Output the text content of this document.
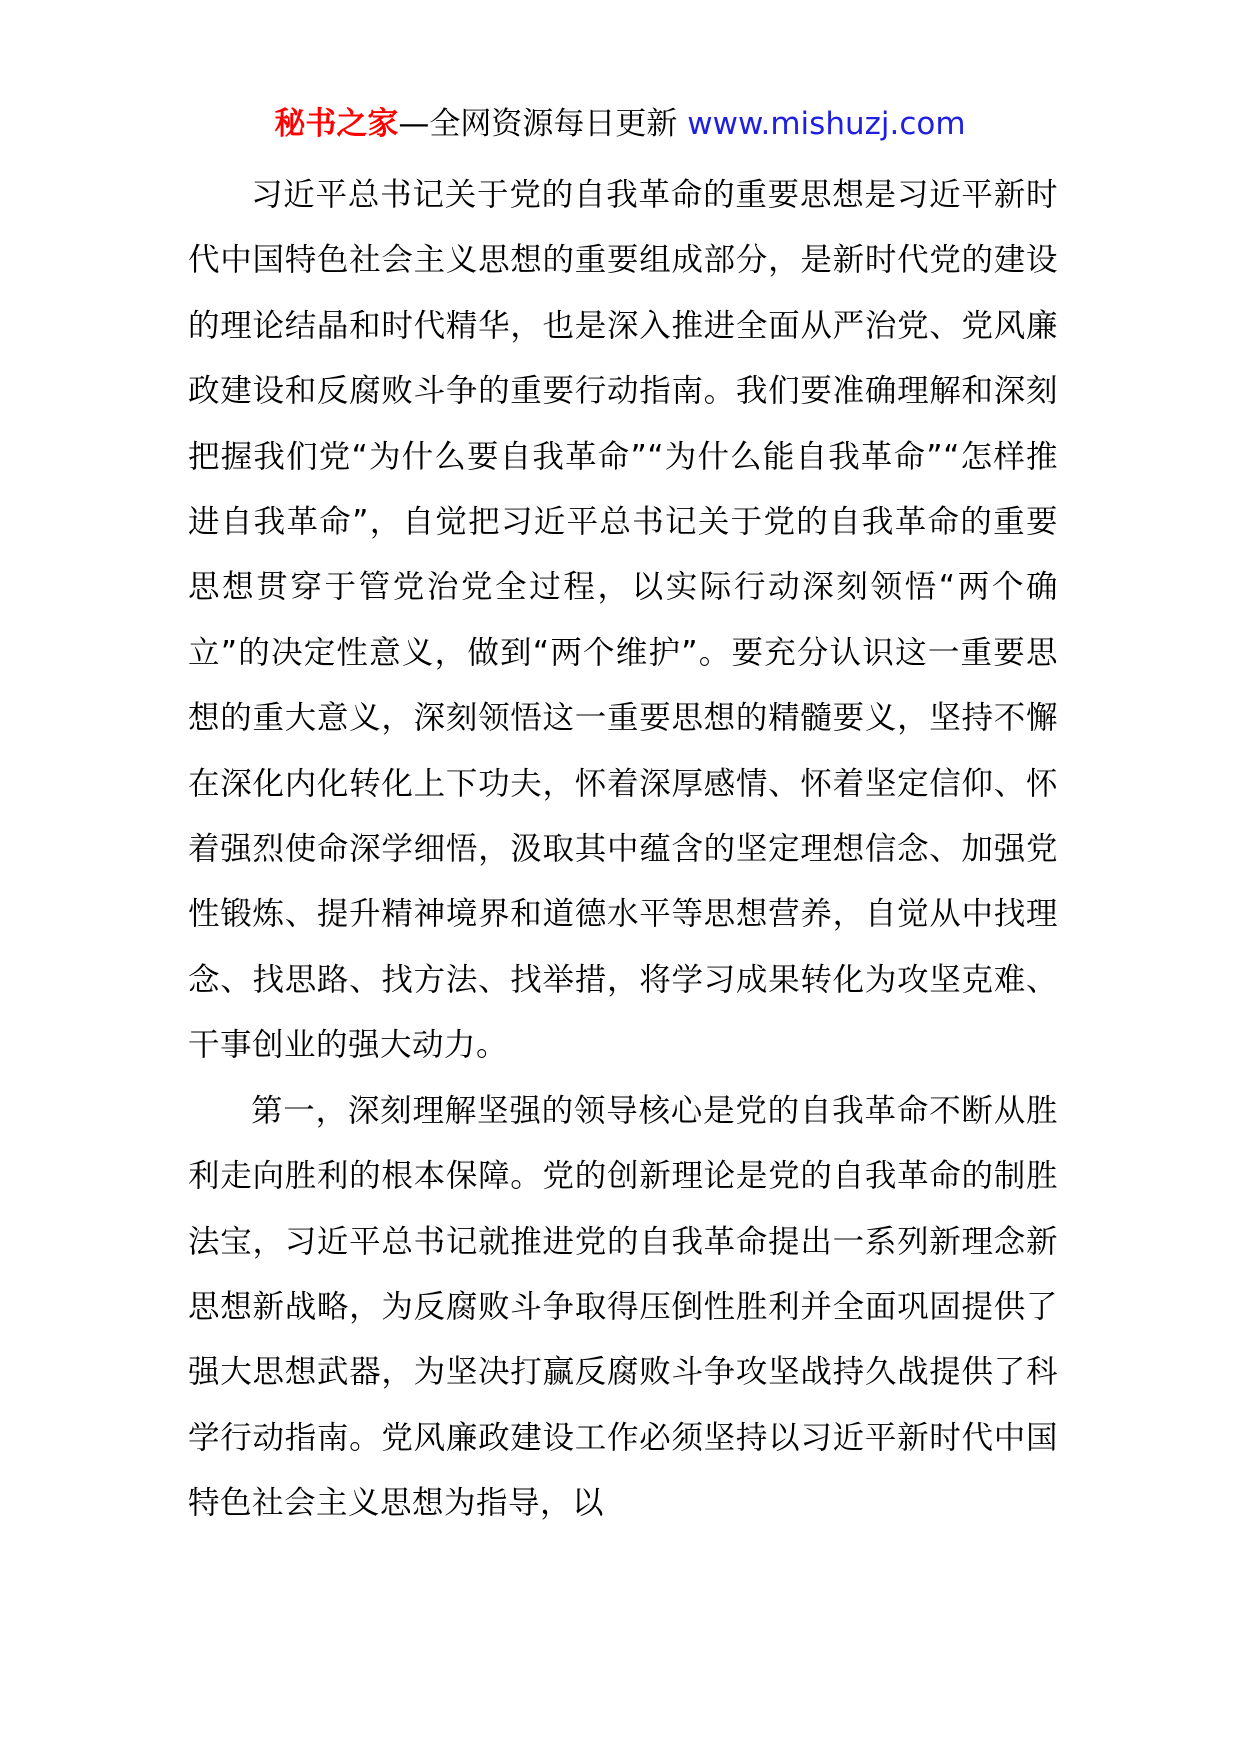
秘书之家—全网资源每日更新 www.mishuzj.com

习近平总书记关于党的自我革命的重要思想是习近平新时代中国特色社会主义思想的重要组成部分，是新时代党的建设的理论结晶和时代精华，也是深入推进全面从严治党、党风廉政建设和反腐败斗争的重要行动指南。我们要准确理解和深刻把握我们党“为什么要自我革命”“为什么能自我革命”“怎样推进自我革命”，自觉把习近平总书记关于党的自我革命的重要思想贯穿于管党治党全过程，以实际行动深刻领悟“两个确立”的决定性意义，做到“两个维护”。要充分认识这一重要思想的重大意义，深刻领悟这一重要思想的精髓要义，坚持不懈在深化内化转化上下功夫，怀着深厚感情、怀着坚定信仰、怀着强烈使命深学细悟，汲取其中蕴含的坚定理想信念、加强党性锻炼、提升精神境界和道德水平等思想营养，自觉从中找理念、找思路、找方法、找举措，将学习成果转化为攻坚克难、干事创业的强大动力。

第一，深刻理解坚强的领导核心是党的自我革命不断从胜利走向胜利的根本保障。党的创新理论是党的自我革命的制胜法宝，习近平总书记就推进党的自我革命提出一系列新理念新思想新战略，为反腐败斗争取得压倒性胜利并全面巩固提供了强大思想武器，为坚决打赢反腐败斗争攻坚战持久战提供了科学行动指南。党风廉政建设工作必须坚持以习近平新时代中国特色社会主义思想为指导，以
